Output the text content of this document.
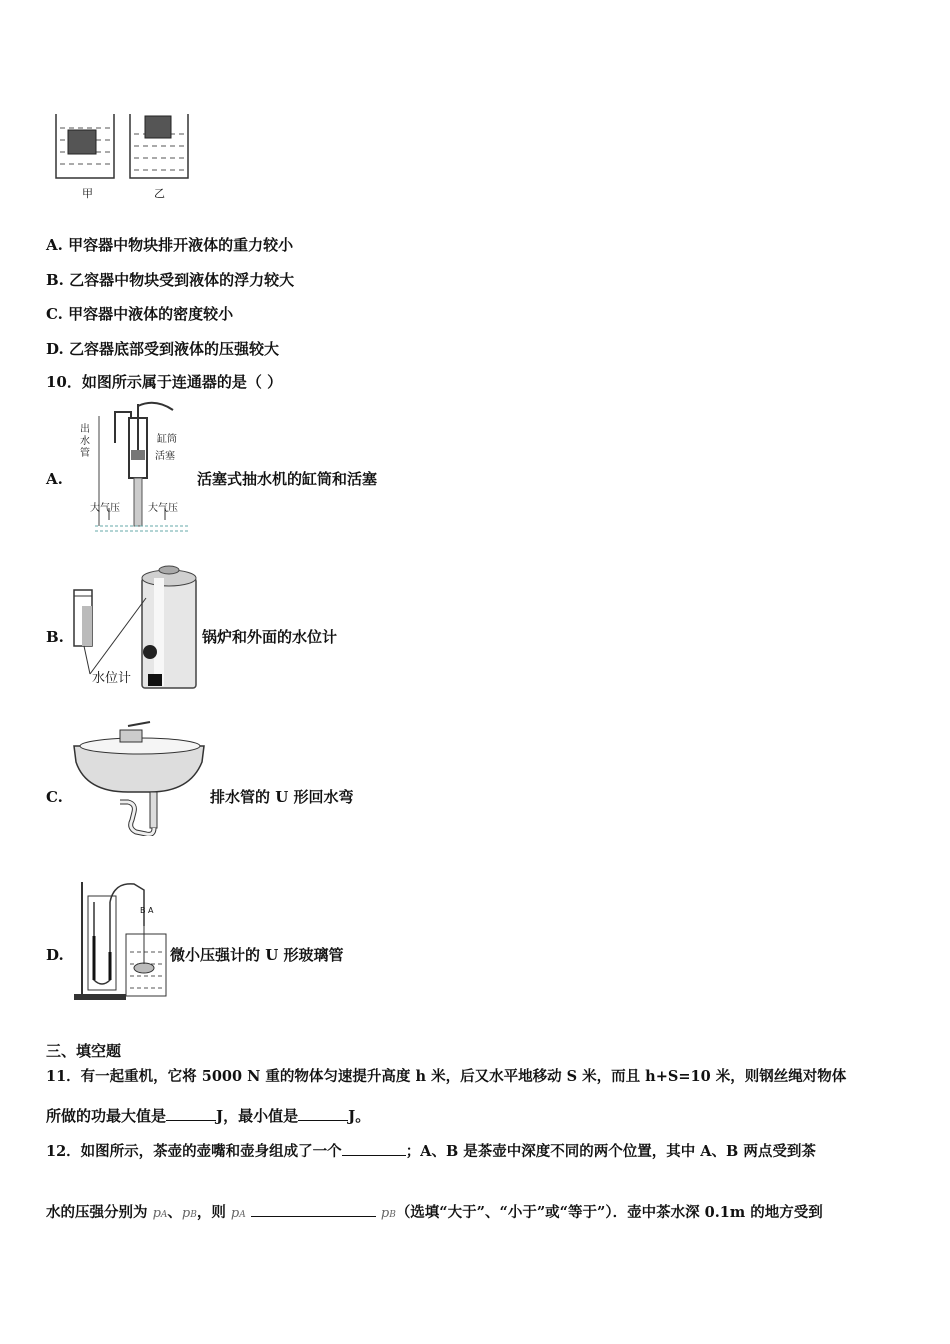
甲	乙
A. 甲容器中物块排开液体的重力较小
B. 乙容器中物块受到液体的浮力较大
C. 甲容器中液体的密度较小
D. 乙容器底部受到液体的压强较大
10．如图所示属于连通器的是（ ）
A.
出水管
缸筒
活塞
大气压	大气压
活塞式抽水机的缸筒和活塞
B.
水位计
锅炉和外面的水位计
C.	排水管的 U 形回水弯
D.
B A
微小压强计的 U 形玻璃管
三、填空题
11．有一起重机，它将 5000 N 重的物体匀速提升高度 h 米，后又水平地移动 S 米，而且 h+S=10 米，则钢丝绳对物体
所做的功最大值是	J，最小值是	J。
12．如图所示，茶壶的壶嘴和壶身组成了一个	；A、B 是茶壶中深度不同的两个位置，其中 A、B 两点受到茶
水的压强分别为 pA、pB，则 pA	pB（选填“大于”、“小于”或“等于”）．壶中茶水深 0.1m 的地方受到
